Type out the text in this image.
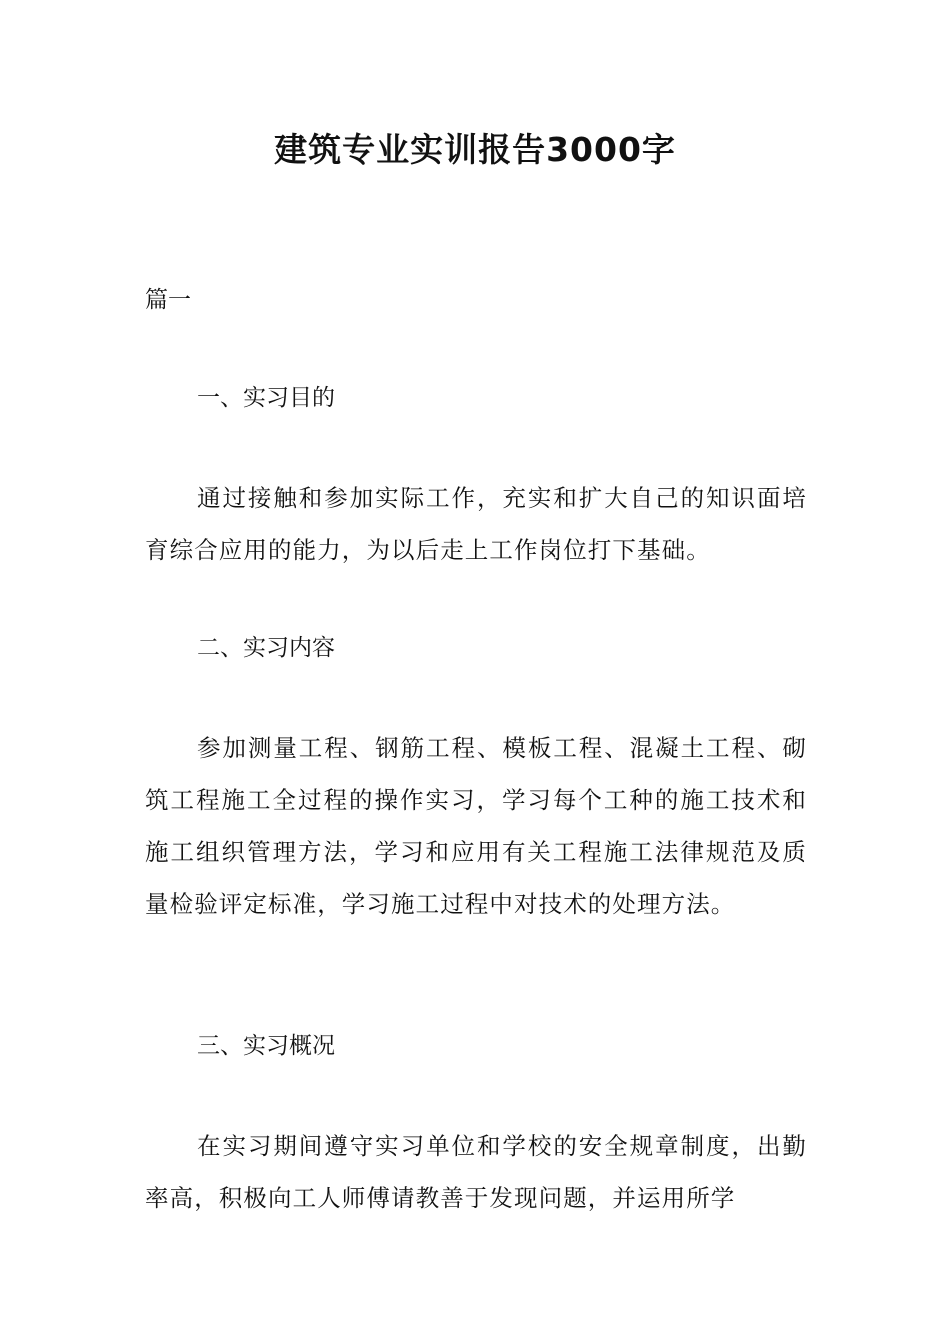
建筑专业实训报告3000字

篇一

一、实习目的

通过接触和参加实际工作，充实和扩大自己的知识面培育综合应用的能力，为以后走上工作岗位打下基础。

二、实习内容

参加测量工程、钢筋工程、模板工程、混凝土工程、砌筑工程施工全过程的操作实习，学习每个工种的施工技术和施工组织管理方法，学习和应用有关工程施工法律规范及质量检验评定标准，学习施工过程中对技术的处理方法。

三、实习概况

在实习期间遵守实习单位和学校的安全规章制度，出勤率高，积极向工人师傅请教善于发现问题，并运用所学
